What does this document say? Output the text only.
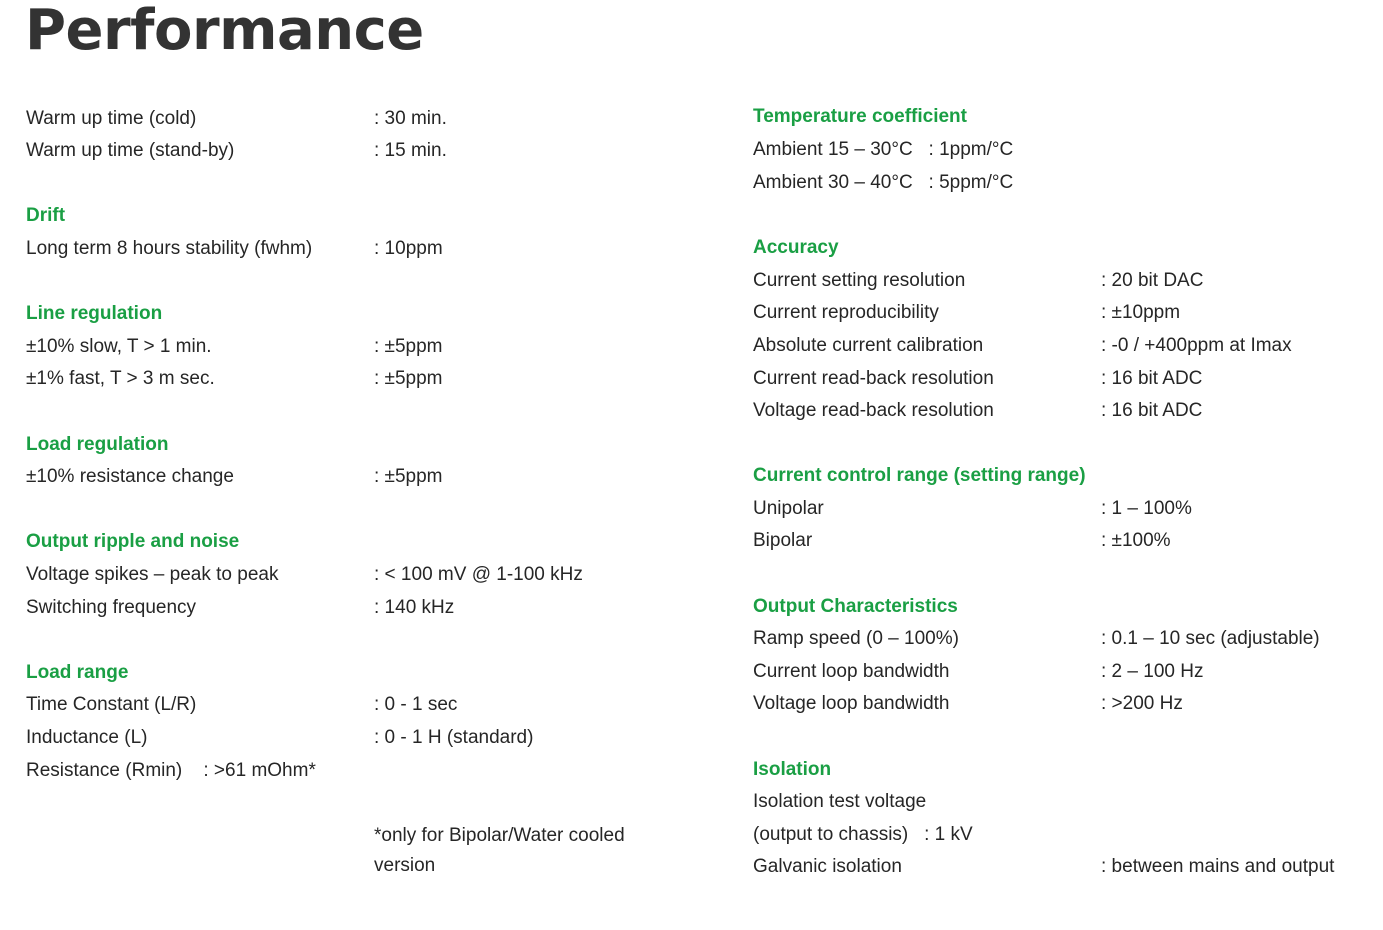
Performance
Warm up time (cold)	: 30 min.
Warm up time (stand-by)	: 15 min.
Drift
Long term 8 hours stability (fwhm)	: 10ppm
Line regulation
±10% slow, T > 1 min.	: ±5ppm
±1% fast, T > 3 m sec.	: ±5ppm
Load regulation
±10% resistance change	: ±5ppm
Output ripple and noise
Voltage spikes – peak to peak	: < 100 mV @ 1-100 kHz
Switching frequency	: 140 kHz
Load range
Time Constant (L/R)	: 0 - 1 sec
Inductance (L)	: 0 - 1 H (standard)
Resistance (Rmin)    : >61 mOhm*
*only for Bipolar/Water cooled
version
Temperature coefficient
Ambient 15 – 30°C   : 1ppm/°C
Ambient 30 – 40°C   : 5ppm/°C
Accuracy
Current setting resolution	: 20 bit DAC
Current reproducibility	: ±10ppm
Absolute current calibration	: -0 / +400ppm at Imax
Current read-back resolution	: 16 bit ADC
Voltage read-back resolution	: 16 bit ADC
Current control range (setting range)
Unipolar	: 1 – 100%
Bipolar	: ±100%
Output Characteristics
Ramp speed (0 – 100%)	: 0.1 – 10 sec (adjustable)
Current loop bandwidth	: 2 – 100 Hz
Voltage loop bandwidth	: >200 Hz
Isolation
Isolation test voltage
(output to chassis)   : 1 kV
Galvanic isolation	: between mains and output
